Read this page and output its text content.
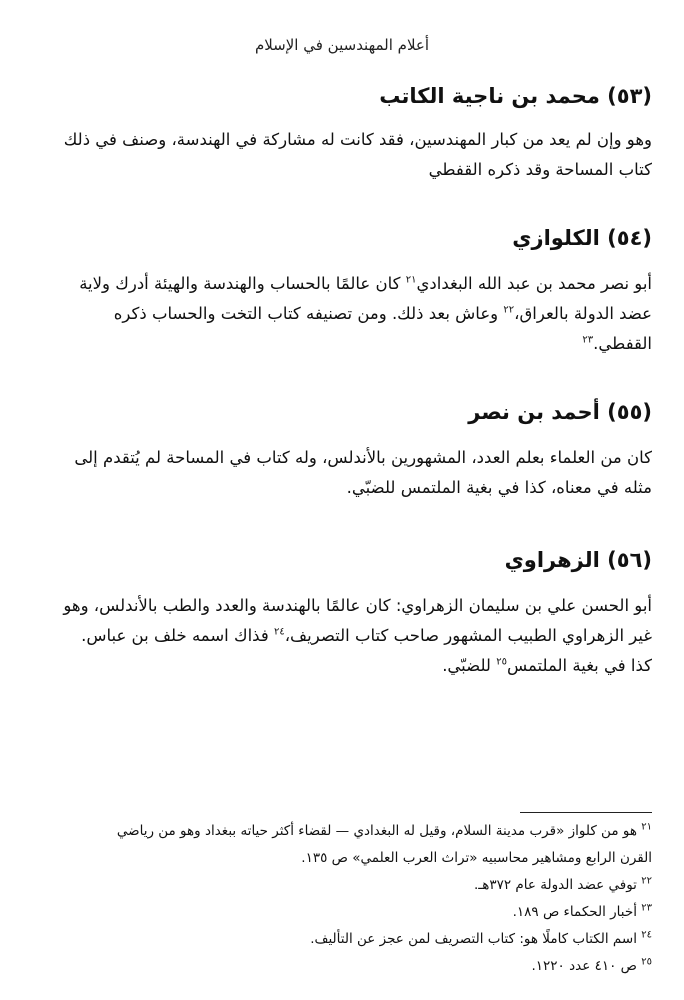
أعلام المهندسين في الإسلام
(٥٣) محمد بن ناجية الكاتب

وهو وإن لم يعد من كبار المهندسين، فقد كانت له مشاركة في الهندسة، وصنف في ذلك
كتاب المساحة وقد ذكره القفطي

(٥٤) الكلوازي

أبو نصر محمد بن عبد الله البغدادي$^{٢١}$ كان عالمًا بالحساب والهندسة والهيئة أدرك ولاية
عضد الدولة بالعراق،$^{٢٢}$ وعاش بعد ذلك. ومن تصنيفه كتاب التخت والحساب ذكره
القفطي.$^{٢٣}$

(٥٥) أحمد بن نصر

كان من العلماء بعلم العدد، المشهورين بالأندلس، وله كتاب في المساحة لم يُتقدم إلى
مثله في معناه، كذا في بغية الملتمس للضبّي.

(٥٦) الزهراوي

أبو الحسن علي بن سليمان الزهراوي: كان عالمًا بالهندسة والعدد والطب بالأندلس، وهو
غير الزهراوي الطبيب المشهور صاحب كتاب التصريف،$^{٢٤}$ فذاك اسمه خلف بن عباس.
كذا في بغية الملتمس$^{٢٥}$ للضبّي.

$^{٢١}$ هو من كلواز «قرب مدينة السلام، وقيل له البغدادي — لقضاء أكثر حياته ببغداد وهو من رياضي
القرن الرابع ومشاهير محاسبيه «تراث العرب العلمي» ص ١٣٥.
$^{٢٢}$ توفي عضد الدولة عام ٣٧٢هـ.
$^{٢٣}$ أخبار الحكماء ص ١٨٩.
$^{٢٤}$ اسم الكتاب كاملًا هو: كتاب التصريف لمن عجز عن التأليف.
$^{٢٥}$ ص ٤١٠ عدد ١٢٢٠.
